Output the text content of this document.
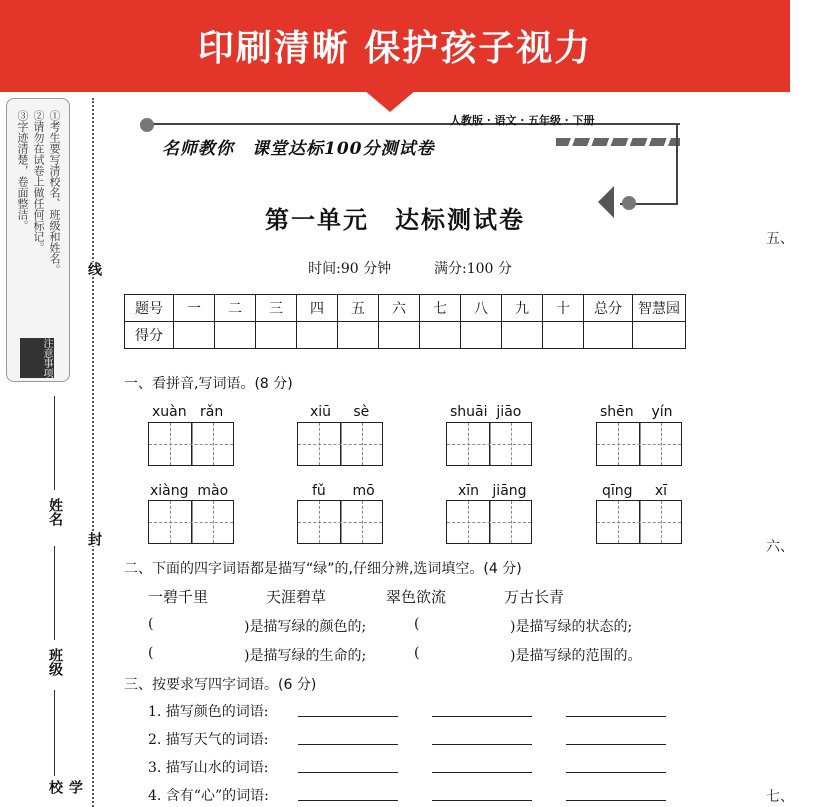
印刷清晰 保护孩子视力
①考生要写清校名、班级和姓名。
②请勿在试卷上做任何标记。
③字迹清楚，卷面整洁。
注意事项
线
封
姓名
班级
学校
五、
六、
七、
人教版 · 语文 · 五年级 · 下册
名师教你　课堂达标100分测试卷
第一单元　达标测试卷
时间:90 分钟	满分:100 分
题号	一	二	三	四	五	六	七	八	九	十	总分	智慧园
得分												
一、看拼音,写词语。(8 分)
xuàn rǎn	xiū sè	shuāi jiāo	shēn yín
xiàng mào	fǔ mō	xīn jiāng	qīng xī
二、下面的四字词语都是描写“绿”的,仔细分辨,选词填空。(4 分)
一碧千里	天涯碧草	翠色欲流	万古长青
(	)是描写绿的颜色的;	(	)是描写绿的状态的;
(	)是描写绿的生命的;	(	)是描写绿的范围的。
三、按要求写四字词语。(6 分)
1. 描写颜色的词语:
2. 描写天气的词语:
3. 描写山水的词语:
4. 含有“心”的词语:
